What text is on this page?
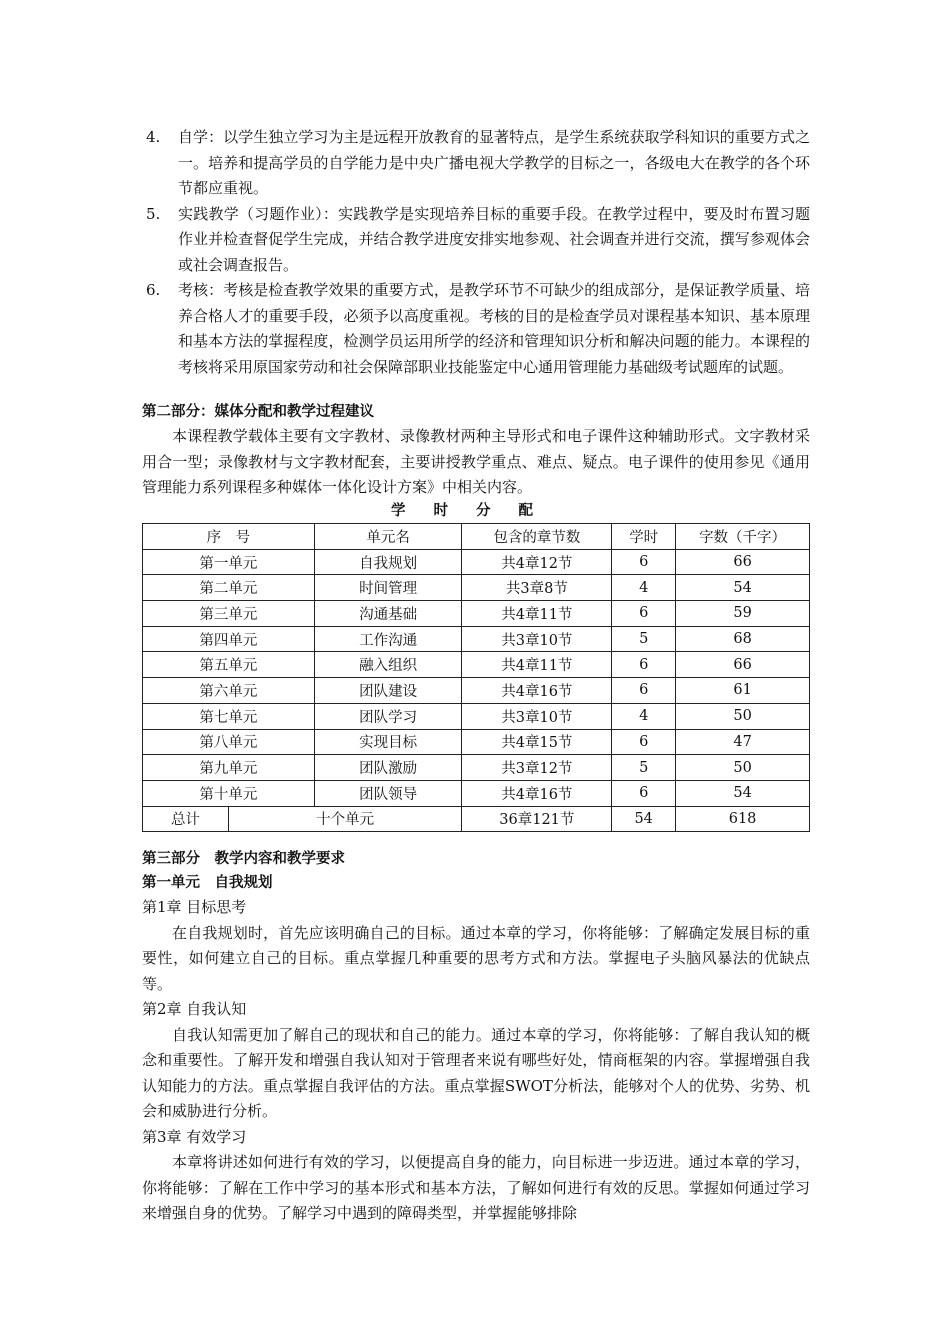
4. 自学：以学生独立学习为主是远程开放教育的显著特点，是学生系统获取学科知识的重要方式之一。培养和提高学员的自学能力是中央广播电视大学教学的目标之一，各级电大在教学的各个环节都应重视。
5. 实践教学（习题作业）：实践教学是实现培养目标的重要手段。在教学过程中，要及时布置习题作业并检查督促学生完成，并结合教学进度安排实地参观、社会调查并进行交流，撰写参观体会或社会调查报告。
6. 考核：考核是检查教学效果的重要方式，是教学环节不可缺少的组成部分，是保证教学质量、培养合格人才的重要手段，必须予以高度重视。考核的目的是检查学员对课程基本知识、基本原理和基本方法的掌握程度，检测学员运用所学的经济和管理知识分析和解决问题的能力。本课程的考核将采用原国家劳动和社会保障部职业技能鉴定中心通用管理能力基础级考试题库的试题。
第二部分：媒体分配和教学过程建议
本课程教学载体主要有文字教材、录像教材两种主导形式和电子课件这种辅助形式。文字教材采用合一型；录像教材与文字教材配套，主要讲授教学重点、难点、疑点。电子课件的使用参见《通用管理能力系列课程多种媒体一体化设计方案》中相关内容。
学时分配
序　号		单元名	包含的章节数	学时	字数（千字）
第一单元		自我规划	共4章12节	6	66
第二单元		时间管理	共3章8节	4	54
第三单元		沟通基础	共4章11节	6	59
第四单元		工作沟通	共3章10节	5	68
第五单元		融入组织	共4章11节	6	66
第六单元		团队建设	共4章16节	6	61
第七单元		团队学习	共3章10节	4	50
第八单元		实现目标	共4章15节	6	47
第九单元		团队激励	共3章12节	5	50
第十单元		团队领导	共4章16节	6	54
总计	十个单元		36章121节	54	618
第三部分　教学内容和教学要求
第一单元　自我规划
第1章 目标思考
在自我规划时，首先应该明确自己的目标。通过本章的学习，你将能够：了解确定发展目标的重要性，如何建立自己的目标。重点掌握几种重要的思考方式和方法。掌握电子头脑风暴法的优缺点等。
第2章 自我认知
自我认知需更加了解自己的现状和自己的能力。通过本章的学习，你将能够：了解自我认知的概念和重要性。了解开发和增强自我认知对于管理者来说有哪些好处，情商框架的内容。掌握增强自我认知能力的方法。重点掌握自我评估的方法。重点掌握SWOT分析法，能够对个人的优势、劣势、机会和威胁进行分析。
第3章 有效学习
本章将讲述如何进行有效的学习，以便提高自身的能力，向目标进一步迈进。通过本章的学习，你将能够：了解在工作中学习的基本形式和基本方法，了解如何进行有效的反思。掌握如何通过学习来增强自身的优势。了解学习中遇到的障碍类型，并掌握能够排除
